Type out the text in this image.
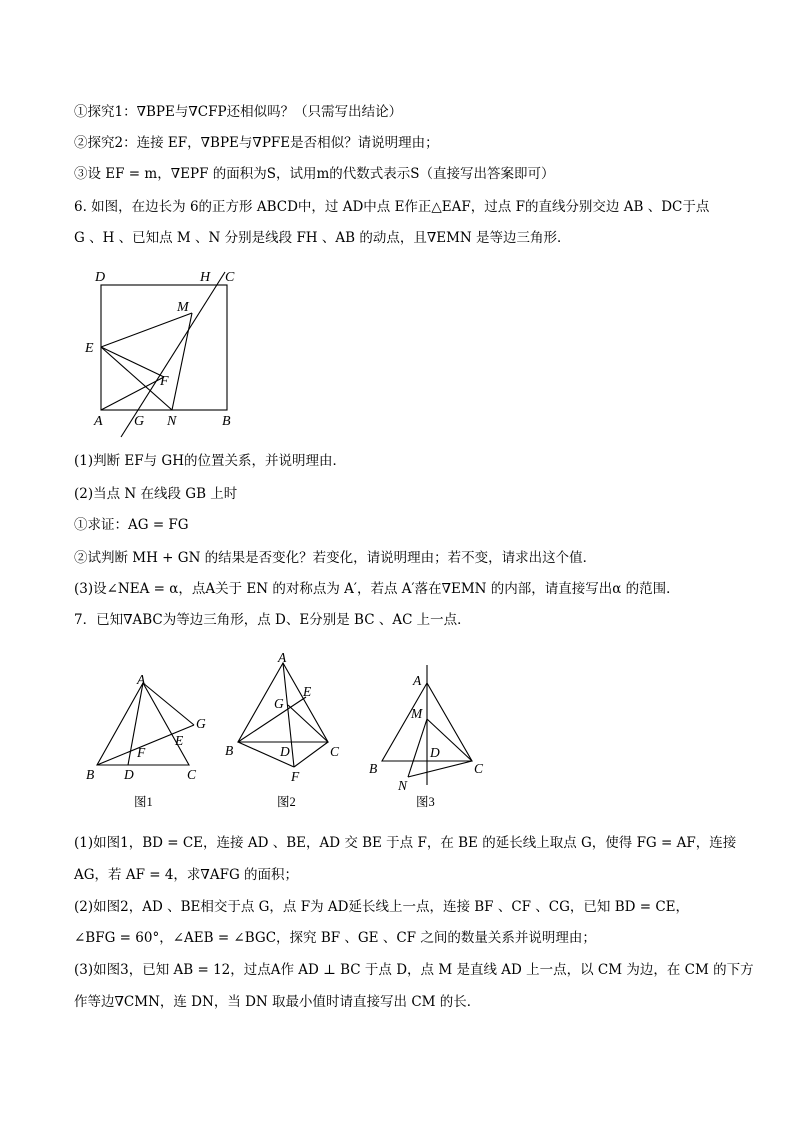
①探究1：∇BPE与∇CFP还相似吗？（只需写出结论）
②探究2：连接 EF，∇BPE与∇PFE是否相似？请说明理由；
③设 EF = m，∇EPF 的面积为S，试用m的代数式表示S（直接写出答案即可）
6. 如图，在边长为 6的正方形 ABCD中，过 AD中点 E作正△EAF，过点 F的直线分别交边 AB 、DC于点
G 、H 、已知点 M 、N 分别是线段 FH 、AB 的动点，且∇EMN 是等边三角形．
D	H C
M
E
F
A G N	B
(1)判断 EF与 GH的位置关系，并说明理由．
(2)当点 N 在线段 GB 上时
①求证：AG = FG
②试判断 MH + GN 的结果是否变化？若变化，请说明理由；若不变，请求出这个值．
(3)设∠NEA = α，点A关于 EN 的对称点为 A′，若点 A′落在∇EMN 的内部，请直接写出α 的范围．
7．已知∇ABC为等边三角形，点 D、E分别是 BC 、AC 上一点．
A
G
E
F
B D	C
图1
A
G
E
B	D	C
F
图2
A
M
D
B	C
N
图3
(1)如图1，BD = CE，连接 AD 、BE，AD 交 BE 于点 F，在 BE 的延长线上取点 G，使得 FG = AF，连接
AG，若 AF = 4，求∇AFG 的面积；
(2)如图2，AD 、BE相交于点 G，点 F为 AD延长线上一点，连接 BF 、CF 、CG，已知 BD = CE，
∠BFG = 60°，∠AEB = ∠BGC，探究 BF 、GE 、CF 之间的数量关系并说明理由；
(3)如图3，已知 AB = 12，过点A作 AD ⊥ BC 于点 D，点 M 是直线 AD 上一点，以 CM 为边，在 CM 的下方
作等边∇CMN，连 DN，当 DN 取最小值时请直接写出 CM 的长．
